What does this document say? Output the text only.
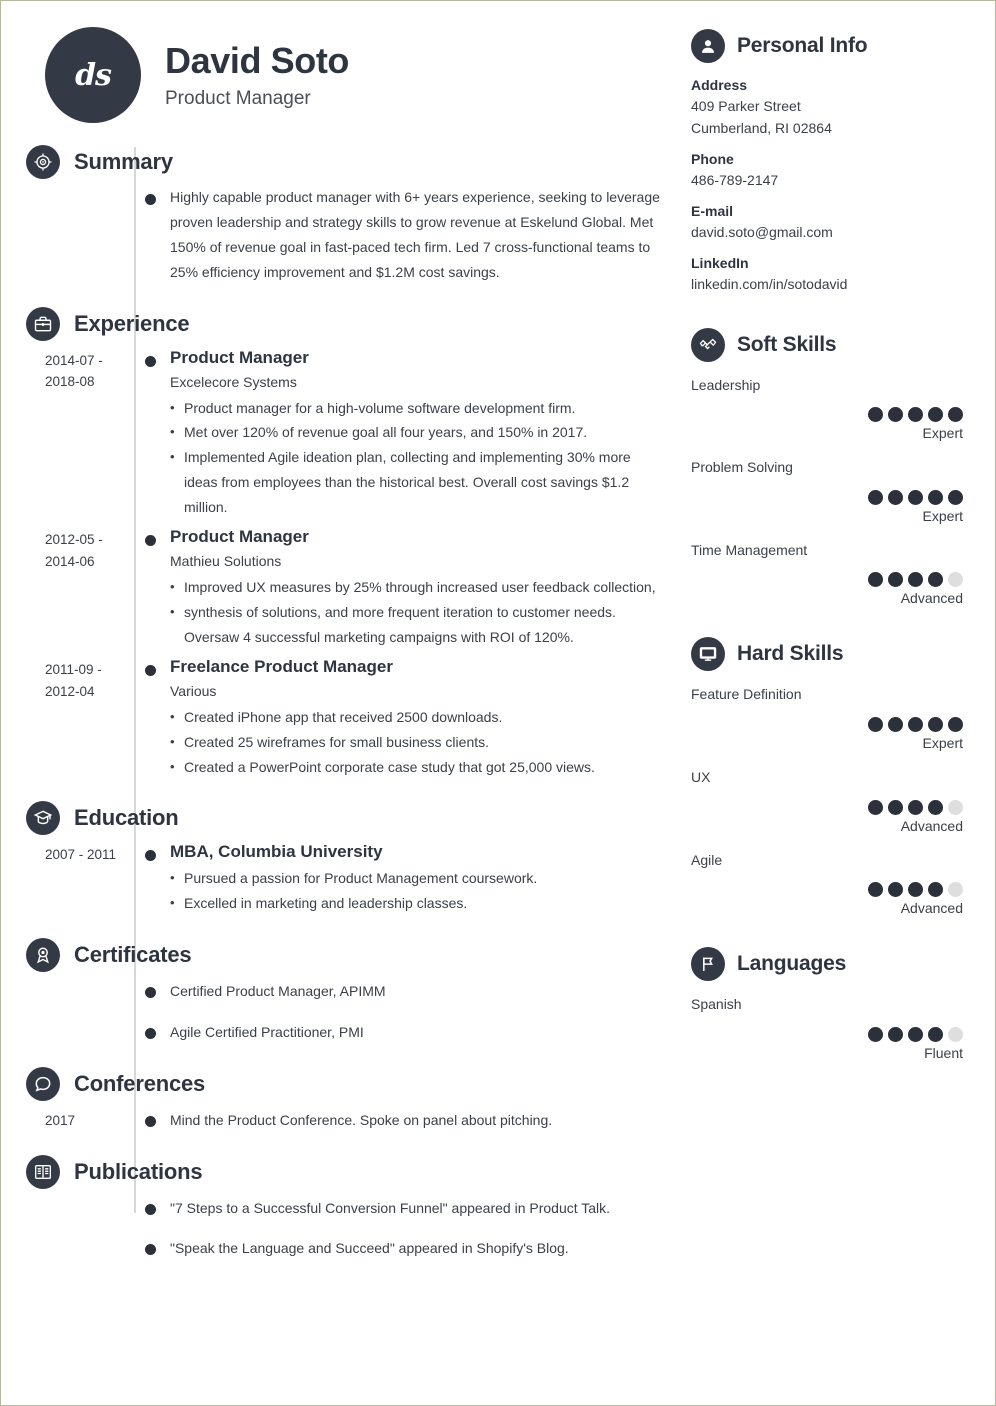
ds David Soto
Product Manager
Summary
Highly capable product manager with 6+ years experience, seeking to leverage proven leadership and strategy skills to grow revenue at Eskelund Global. Met 150% of revenue goal in fast-paced tech firm. Led 7 cross-functional teams to 25% efficiency improvement and $1.2M cost savings.
Experience
2014-07 - 2018-08
Product Manager
Excelecore Systems
• Product manager for a high-volume software development firm.
• Met over 120% of revenue goal all four years, and 150% in 2017.
• Implemented Agile ideation plan, collecting and implementing 30% more ideas from employees than the historical best. Overall cost savings $1.2 million.
2012-05 - 2014-06
Product Manager
Mathieu Solutions
• Improved UX measures by 25% through increased user feedback collection,
• synthesis of solutions, and more frequent iteration to customer needs. Oversaw 4 successful marketing campaigns with ROI of 120%.
2011-09 - 2012-04
Freelance Product Manager
Various
• Created iPhone app that received 2500 downloads.
• Created 25 wireframes for small business clients.
• Created a PowerPoint corporate case study that got 25,000 views.
Education
2007 - 2011	MBA, Columbia University
• Pursued a passion for Product Management coursework.
• Excelled in marketing and leadership classes.
Certificates
Certified Product Manager, APIMM
Agile Certified Practitioner, PMI
Conferences
2017	Mind the Product Conference. Spoke on panel about pitching.
Publications
"7 Steps to a Successful Conversion Funnel" appeared in Product Talk.
"Speak the Language and Succeed" appeared in Shopify's Blog.
Personal Info
Address
409 Parker Street
Cumberland, RI 02864
Phone
486-789-2147
E-mail
david.soto@gmail.com
LinkedIn
linkedin.com/in/sotodavid
Soft Skills
Leadership
Expert
Problem Solving
Expert
Time Management
Advanced
Hard Skills
Feature Definition
Expert
UX
Advanced
Agile
Advanced
Languages
Spanish
Fluent
